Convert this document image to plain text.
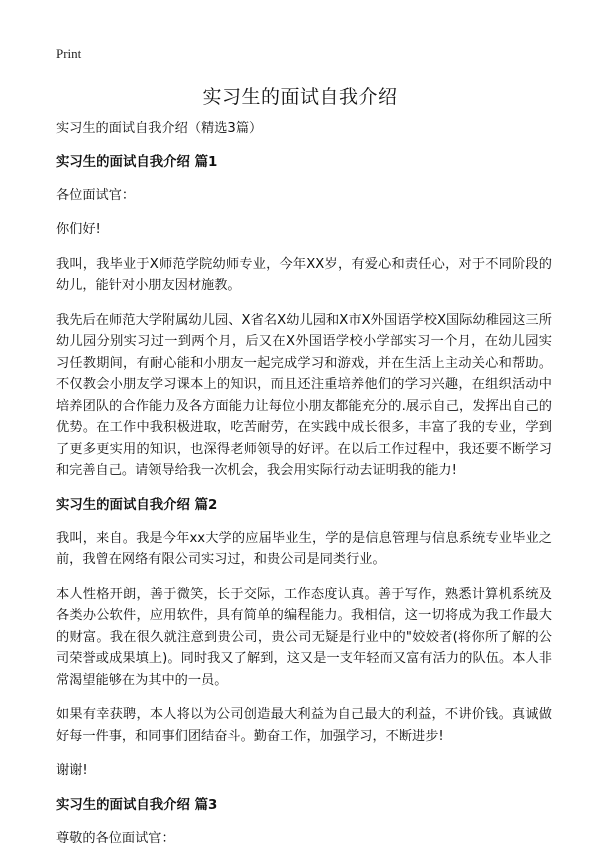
Print
实习生的面试自我介绍

实习生的面试自我介绍（精选3篇）

实习生的面试自我介绍 篇1

各位面试官：

你们好!

我叫，我毕业于X师范学院幼师专业，今年XX岁，有爱心和责任心，对于不同阶段的幼儿，能针对小朋友因材施教。

我先后在师范大学附属幼儿园、X省名X幼儿园和X市X外国语学校X国际幼稚园这三所幼儿园分别实习过一到两个月，后又在X外国语学校小学部实习一个月，在幼儿园实习任教期间，有耐心能和小朋友一起完成学习和游戏，并在生活上主动关心和帮助。不仅教会小朋友学习课本上的知识，而且还注重培养他们的学习兴趣，在组织活动中培养团队的合作能力及各方面能力让每位小朋友都能充分的.展示自己，发挥出自己的优势。在工作中我积极进取，吃苦耐劳，在实践中成长很多，丰富了我的专业，学到了更多更实用的知识，也深得老师领导的好评。在以后工作过程中，我还要不断学习和完善自己。请领导给我一次机会，我会用实际行动去证明我的能力!

实习生的面试自我介绍 篇2

我叫，来自。我是今年xx大学的应届毕业生，学的是信息管理与信息系统专业毕业之前，我曾在网络有限公司实习过，和贵公司是同类行业。

本人性格开朗，善于微笑，长于交际，工作态度认真。善于写作，熟悉计算机系统及各类办公软件，应用软件，具有简单的编程能力。我相信，这一切将成为我工作最大的财富。我在很久就注意到贵公司，贵公司无疑是行业中的"姣姣者(将你所了解的公司荣誉或成果填上)。同时我又了解到，这又是一支年轻而又富有活力的队伍。本人非常渴望能够在为其中的一员。

如果有幸获聘，本人将以为公司创造最大利益为自己最大的利益，不讲价钱。真诚做好每一件事，和同事们团结奋斗。勤奋工作，加强学习，不断进步!

谢谢!

实习生的面试自我介绍 篇3

尊敬的各位面试官：
